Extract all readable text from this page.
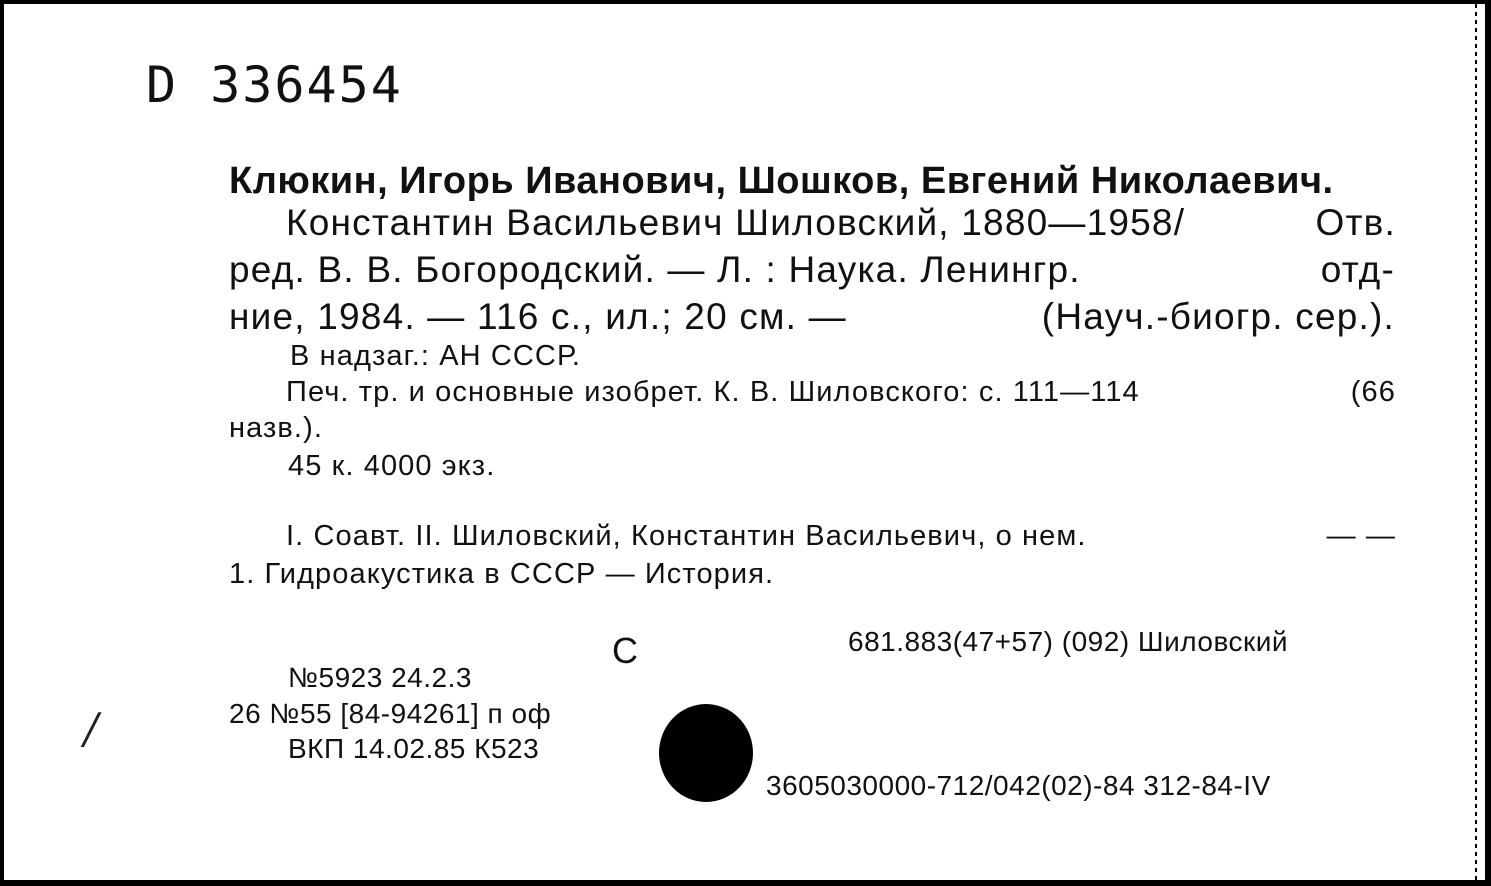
D 336454
Клюкин, Игорь Иванович, Шошков, Евгений Николаевич.
Константин Васильевич Шиловский, 1880—1958/	Отв.
ред. В. В. Богородский. — Л. : Наука. Ленингр.	отд-
ние, 1984. — 116 с., ил.; 20 см. —	(Науч.-биогр. сер.).
В надзаг.: АН СССР.
Печ. тр. и основные изобрет. К. В. Шиловского: с. 111—114	(66
назв.).
45 к. 4000 экз.
I. Соавт. II. Шиловский, Константин Васильевич, о нем.	— —
1. Гидроакустика в СССР — История.
С	681.883(47+57) (092) Шиловский
№5923 24.2.3
26 №55 [84-94261] п оф
ВКП 14.02.85 К523
3605030000-712/042(02)-84 312-84-IV
/
